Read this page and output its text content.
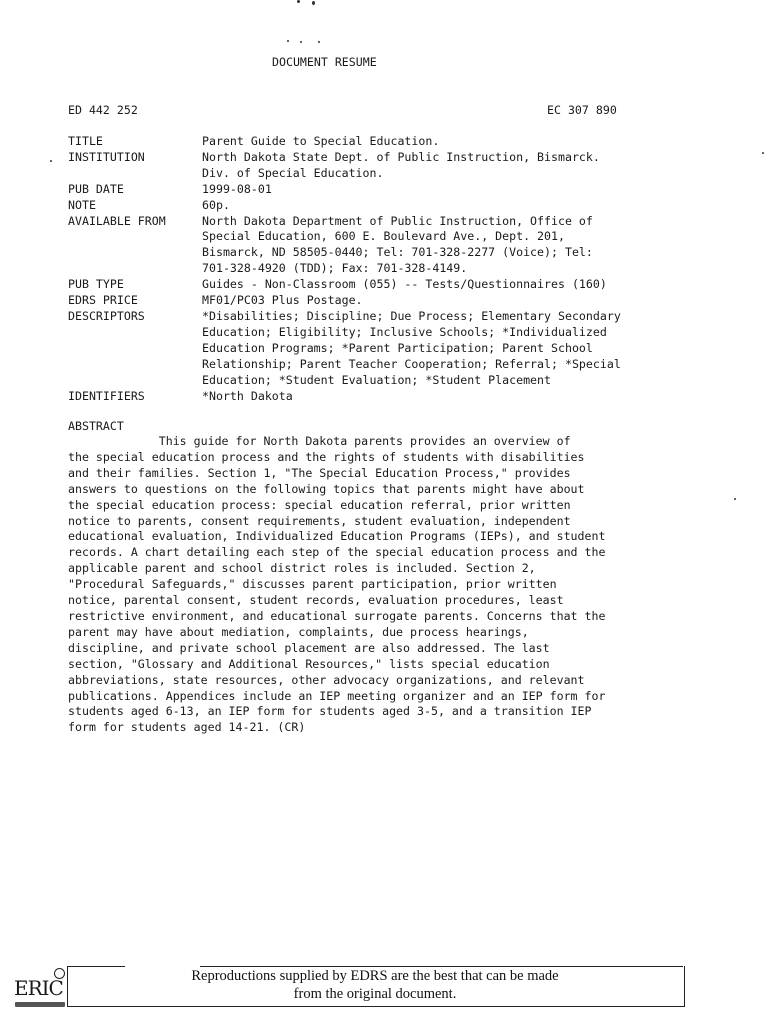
DOCUMENT RESUME
ED 442 252	EC 307 890
TITLE	Parent Guide to Special Education.
INSTITUTION	North Dakota State Dept. of Public Instruction, Bismarck.
Div. of Special Education.
PUB DATE	1999-08-01
NOTE	60p.
AVAILABLE FROM	North Dakota Department of Public Instruction, Office of
Special Education, 600 E. Boulevard Ave., Dept. 201,
Bismarck, ND 58505-0440; Tel: 701-328-2277 (Voice); Tel:
701-328-4920 (TDD); Fax: 701-328-4149.
PUB TYPE	Guides - Non-Classroom (055) -- Tests/Questionnaires (160)
EDRS PRICE	MF01/PC03 Plus Postage.
DESCRIPTORS	*Disabilities; Discipline; Due Process; Elementary Secondary
Education; Eligibility; Inclusive Schools; *Individualized
Education Programs; *Parent Participation; Parent School
Relationship; Parent Teacher Cooperation; Referral; *Special
Education; *Student Evaluation; *Student Placement
IDENTIFIERS	*North Dakota
ABSTRACT
This guide for North Dakota parents provides an overview of
the special education process and the rights of students with disabilities
and their families. Section 1, "The Special Education Process," provides
answers to questions on the following topics that parents might have about
the special education process: special education referral, prior written
notice to parents, consent requirements, student evaluation, independent
educational evaluation, Individualized Education Programs (IEPs), and student
records. A chart detailing each step of the special education process and the
applicable parent and school district roles is included. Section 2,
"Procedural Safeguards," discusses parent participation, prior written
notice, parental consent, student records, evaluation procedures, least
restrictive environment, and educational surrogate parents. Concerns that the
parent may have about mediation, complaints, due process hearings,
discipline, and private school placement are also addressed. The last
section, "Glossary and Additional Resources," lists special education
abbreviations, state resources, other advocacy organizations, and relevant
publications. Appendices include an IEP meeting organizer and an IEP form for
students aged 6-13, an IEP form for students aged 3-5, and a transition IEP
form for students aged 14-21. (CR)
ERIC	Reproductions supplied by EDRS are the best that can be made
from the original document.
